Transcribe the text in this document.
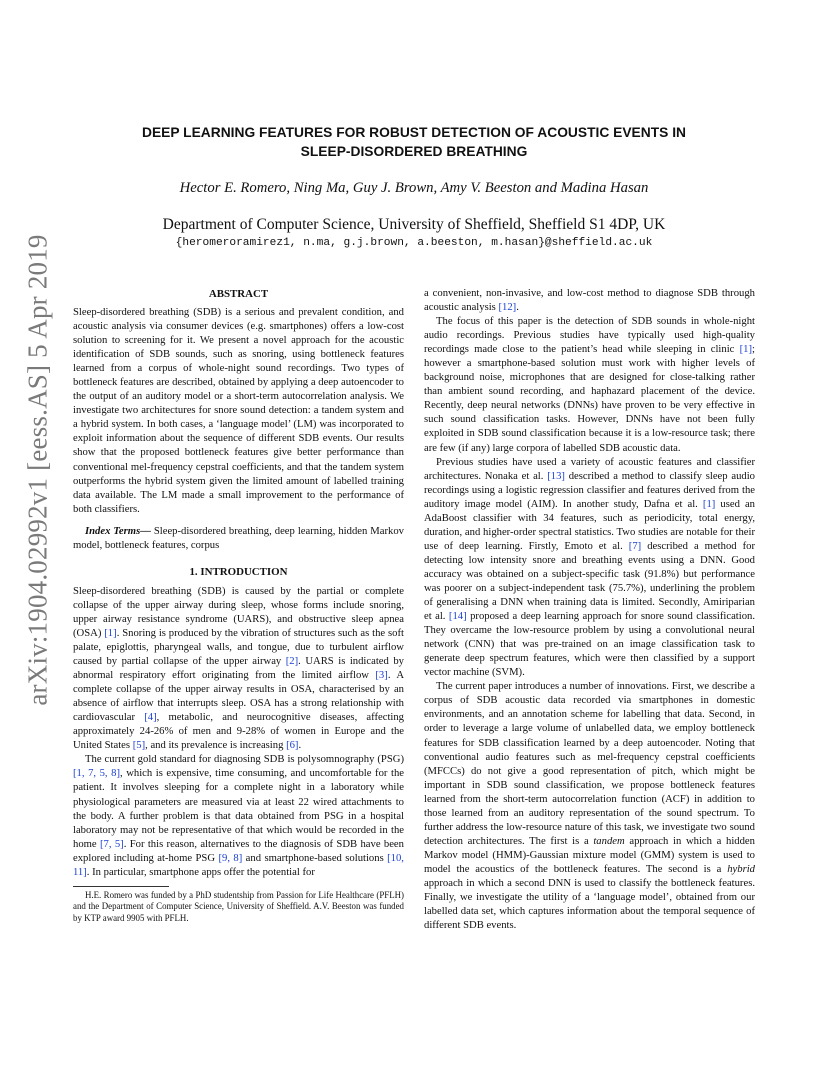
arXiv:1904.02992v1 [eess.AS] 5 Apr 2019
DEEP LEARNING FEATURES FOR ROBUST DETECTION OF ACOUSTIC EVENTS IN
SLEEP-DISORDERED BREATHING
Hector E. Romero, Ning Ma, Guy J. Brown, Amy V. Beeston and Madina Hasan
Department of Computer Science, University of Sheffield, Sheffield S1 4DP, UK
{heromeroramirez1, n.ma, g.j.brown, a.beeston, m.hasan}@sheffield.ac.uk
ABSTRACT

Sleep-disordered breathing (SDB) is a serious and prevalent condition, and acoustic analysis via consumer devices (e.g. smartphones) offers a low-cost solution to screening for it. We present a novel approach for the acoustic identification of SDB sounds, such as snoring, using bottleneck features learned from a corpus of whole-night sound recordings. Two types of bottleneck features are described, obtained by applying a deep autoencoder to the output of an auditory model or a short-term autocorrelation analysis. We investigate two architectures for snore sound detection: a tandem system and a hybrid system. In both cases, a ‘language model’ (LM) was incorporated to exploit information about the sequence of different SDB events. Our results show that the proposed bottleneck features give better performance than conventional mel-frequency cepstral coefficients, and that the tandem system outperforms the hybrid system given the limited amount of labelled training data available. The LM made a small improvement to the performance of both classifiers.

Index Terms— Sleep-disordered breathing, deep learning, hidden Markov model, bottleneck features, corpus

1. INTRODUCTION

Sleep-disordered breathing (SDB) is caused by the partial or complete collapse of the upper airway during sleep, whose forms include snoring, upper airway resistance syndrome (UARS), and obstructive sleep apnea (OSA) [1]. Snoring is produced by the vibration of structures such as the soft palate, epiglottis, pharyngeal walls, and tongue, due to turbulent airflow caused by partial collapse of the upper airway [2]. UARS is indicated by abnormal respiratory effort originating from the limited airflow [3]. A complete collapse of the upper airway results in OSA, characterised by an absence of airflow that interrupts sleep. OSA has a strong relationship with cardiovascular [4], metabolic, and neurocognitive diseases, affecting approximately 24-26% of men and 9-28% of women in Europe and the United States [5], and its prevalence is increasing [6].

The current gold standard for diagnosing SDB is polysomnography (PSG) [1, 7, 5, 8], which is expensive, time consuming, and uncomfortable for the patient. It involves sleeping for a complete night in a laboratory while physiological parameters are measured via at least 22 wired attachments to the body. A further problem is that data obtained from PSG in a hospital laboratory may not be representative of that which would be recorded in the home [7, 5]. For this reason, alternatives to the diagnosis of SDB have been explored including at-home PSG [9, 8] and smartphone-based solutions [10, 11]. In particular, smartphone apps offer the potential for

H.E. Romero was funded by a PhD studentship from Passion for Life Healthcare (PFLH) and the Department of Computer Science, University of Sheffield. A.V. Beeston was funded by KTP award 9905 with PFLH.

a convenient, non-invasive, and low-cost method to diagnose SDB through acoustic analysis [12].

The focus of this paper is the detection of SDB sounds in whole-night audio recordings. Previous studies have typically used high-quality recordings made close to the patient’s head while sleeping in clinic [1]; however a smartphone-based solution must work with higher levels of background noise, microphones that are designed for close-talking rather than ambient sound recording, and haphazard placement of the device. Recently, deep neural networks (DNNs) have proven to be very effective in such sound classification tasks. However, DNNs have not been fully exploited in SDB sound classification because it is a low-resource task; there are few (if any) large corpora of labelled SDB acoustic data.

Previous studies have used a variety of acoustic features and classifier architectures. Nonaka et al. [13] described a method to classify sleep audio recordings using a logistic regression classifier and features derived from the auditory image model (AIM). In another study, Dafna et al. [1] used an AdaBoost classifier with 34 features, such as periodicity, total energy, duration, and higher-order spectral statistics. Two studies are notable for their use of deep learning. Firstly, Emoto et al. [7] described a method for detecting low intensity snore and breathing events using a DNN. Good accuracy was obtained on a subject-specific task (91.8%) but performance was poorer on a subject-independent task (75.7%), underlining the problem of generalising a DNN when training data is limited. Secondly, Amiriparian et al. [14] proposed a deep learning approach for snore sound classification. They overcame the low-resource problem by using a convolutional neural network (CNN) that was pre-trained on an image classification task to generate deep spectrum features, which were then classified by a support vector machine (SVM).

The current paper introduces a number of innovations. First, we describe a corpus of SDB acoustic data recorded via smartphones in domestic environments, and an annotation scheme for labelling that data. Second, in order to leverage a large volume of unlabelled data, we employ bottleneck features for SDB classification learned by a deep autoencoder. Noting that conventional audio features such as mel-frequency cepstral coefficients (MFCCs) do not give a good representation of pitch, which might be important in SDB sound classification, we propose bottleneck features learned from the short-term autocorrelation function (ACF) in addition to those learned from an auditory representation of the sound spectrum. To further address the low-resource nature of this task, we investigate two sound detection architectures. The first is a tandem approach in which a hidden Markov model (HMM)-Gaussian mixture model (GMM) system is used to model the acoustics of the bottleneck features. The second is a hybrid approach in which a second DNN is used to classify the bottleneck features. Finally, we investigate the utility of a ‘language model’, obtained from our labelled data set, which captures information about the temporal sequence of different SDB events.
